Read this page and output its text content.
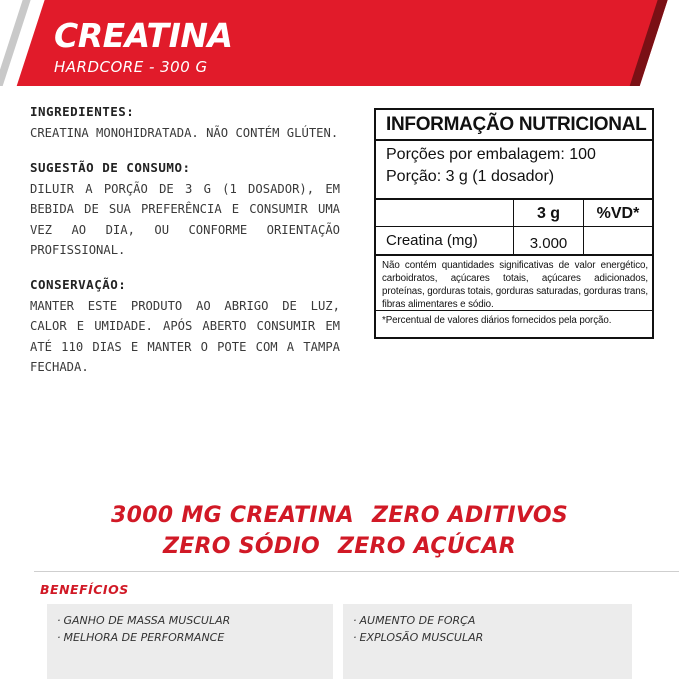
CREATINA
HARDCORE - 300 G
INGREDIENTES:

CREATINA MONOHIDRATADA. NÃO CONTÉM GLÚTEN.

SUGESTÃO DE CONSUMO:

DILUIR A PORÇÃO DE 3 G (1 DOSADOR), EM BEBIDA DE SUA PREFERÊNCIA E CONSUMIR UMA VEZ AO DIA, OU CONFORME ORIENTAÇÃO PROFISSIONAL.

CONSERVAÇÃO:

MANTER ESTE PRODUTO AO ABRIGO DE LUZ, CALOR E UMIDADE. APÓS ABERTO CONSUMIR EM ATÉ 110 DIAS E MANTER O POTE COM A TAMPA FECHADA.

INFORMAÇÃO NUTRICIONAL
Porções por embalagem: 100
Porção: 3 g (1 dosador)
3 g	%VD*
Creatina (mg)	3.000
Não contém quantidades significativas de valor energético, carboidratos, açúcares totais, açúcares adicionados, proteínas, gorduras totais, gorduras saturadas, gorduras trans, fibras alimentares e sódio.
*Percentual de valores diários fornecidos pela porção.
3000 MG CREATINA ZERO ADITIVOS
ZERO SÓDIO ZERO AÇÚCAR
BENEFÍCIOS
· GANHO DE MASSA MUSCULAR
· MELHORA DE PERFORMANCE
· AUMENTO DE FORÇA
· EXPLOSÃO MUSCULAR
